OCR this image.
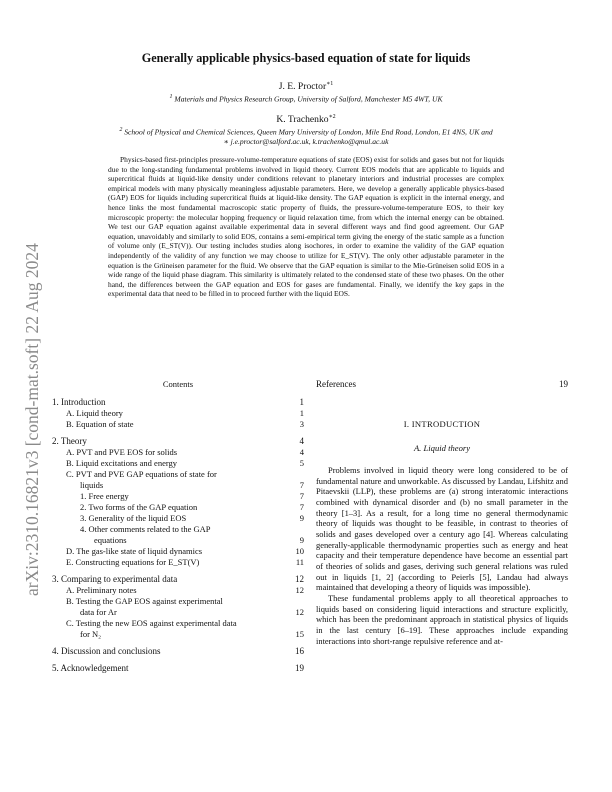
arXiv:2310.16821v3 [cond-mat.soft] 22 Aug 2024
Generally applicable physics-based equation of state for liquids
J. E. Proctor$^{∗1}$
$^1$ Materials and Physics Research Group, University of Salford, Manchester M5 4WT, UK
K. Trachenko$^{∗2}$
$^2$ School of Physical and Chemical Sciences, Queen Mary University of London, Mile End Road, London, E1 4NS, UK and
∗ j.e.proctor@salford.ac.uk, k.trachenko@qmul.ac.uk

Physics-based first-principles pressure-volume-temperature equations of state (EOS) exist for solids and gases but not for liquids due to the long-standing fundamental problems involved in liquid theory. Current EOS models that are applicable to liquids and supercritical fluids at liquid-like density under conditions relevant to planetary interiors and industrial processes are complex empirical models with many physically meaningless adjustable parameters. Here, we develop a generally applicable physics-based (GAP) EOS for liquids including supercritical fluids at liquid-like density. The GAP equation is explicit in the internal energy, and hence links the most fundamental macroscopic static property of fluids, the pressure-volume-temperature EOS, to their key microscopic property: the molecular hopping frequency or liquid relaxation time, from which the internal energy can be obtained. We test our GAP equation against available experimental data in several different ways and find good agreement. Our GAP equation, unavoidably and similarly to solid EOS, contains a semi-empirical term giving the energy of the static sample as a function of volume only (E_ST(V)). Our testing includes studies along isochores, in order to examine the validity of the GAP equation independently of the validity of any function we may choose to utilize for E_ST(V). The only other adjustable parameter in the equation is the Grüneisen parameter for the fluid. We observe that the GAP equation is similar to the Mie-Grüneisen solid EOS in a wide range of the liquid phase diagram. This similarity is ultimately related to the condensed state of these two phases. On the other hand, the differences between the GAP equation and EOS for gases are fundamental. Finally, we identify the key gaps in the experimental data that need to be filled in to proceed further with the liquid EOS.

Contents
1. Introduction	1
A. Liquid theory	1
B. Equation of state	3
2. Theory	4
A. PVT and PVE EOS for solids	4
B. Liquid excitations and energy	5
C. PVT and PVE GAP equations of state for
liquids	7
1. Free energy	7
2. Two forms of the GAP equation	7
3. Generality of the liquid EOS	9
4. Other comments related to the GAP
equations	9
D. The gas-like state of liquid dynamics	10
E. Constructing equations for E_ST(V)	11
3. Comparing to experimental data	12
A. Preliminary notes	12
B. Testing the GAP EOS against experimental
data for Ar	12
C. Testing the new EOS against experimental data
for N₂	15
4. Discussion and conclusions	16
5. Acknowledgement	19
References	19
I. INTRODUCTION
A. Liquid theory

Problems involved in liquid theory were long considered to be of fundamental nature and unworkable. As discussed by Landau, Lifshitz and Pitaevskii (LLP), these problems are (a) strong interatomic interactions combined with dynamical disorder and (b) no small parameter in the theory [1–3]. As a result, for a long time no general thermodynamic theory of liquids was thought to be feasible, in contrast to theories of solids and gases developed over a century ago [4]. Whereas calculating generally-applicable thermodynamic properties such as energy and heat capacity and their temperature dependence have become an essential part of theories of solids and gases, deriving such general relations was ruled out in liquids [1, 2] (according to Peierls [5], Landau had always maintained that developing a theory of liquids was impossible).

These fundamental problems apply to all theoretical approaches to liquids based on considering liquid interactions and structure explicitly, which has been the predominant approach in statistical physics of liquids in the last century [6–19]. These approaches include expanding interactions into short-range repulsive reference and at-
